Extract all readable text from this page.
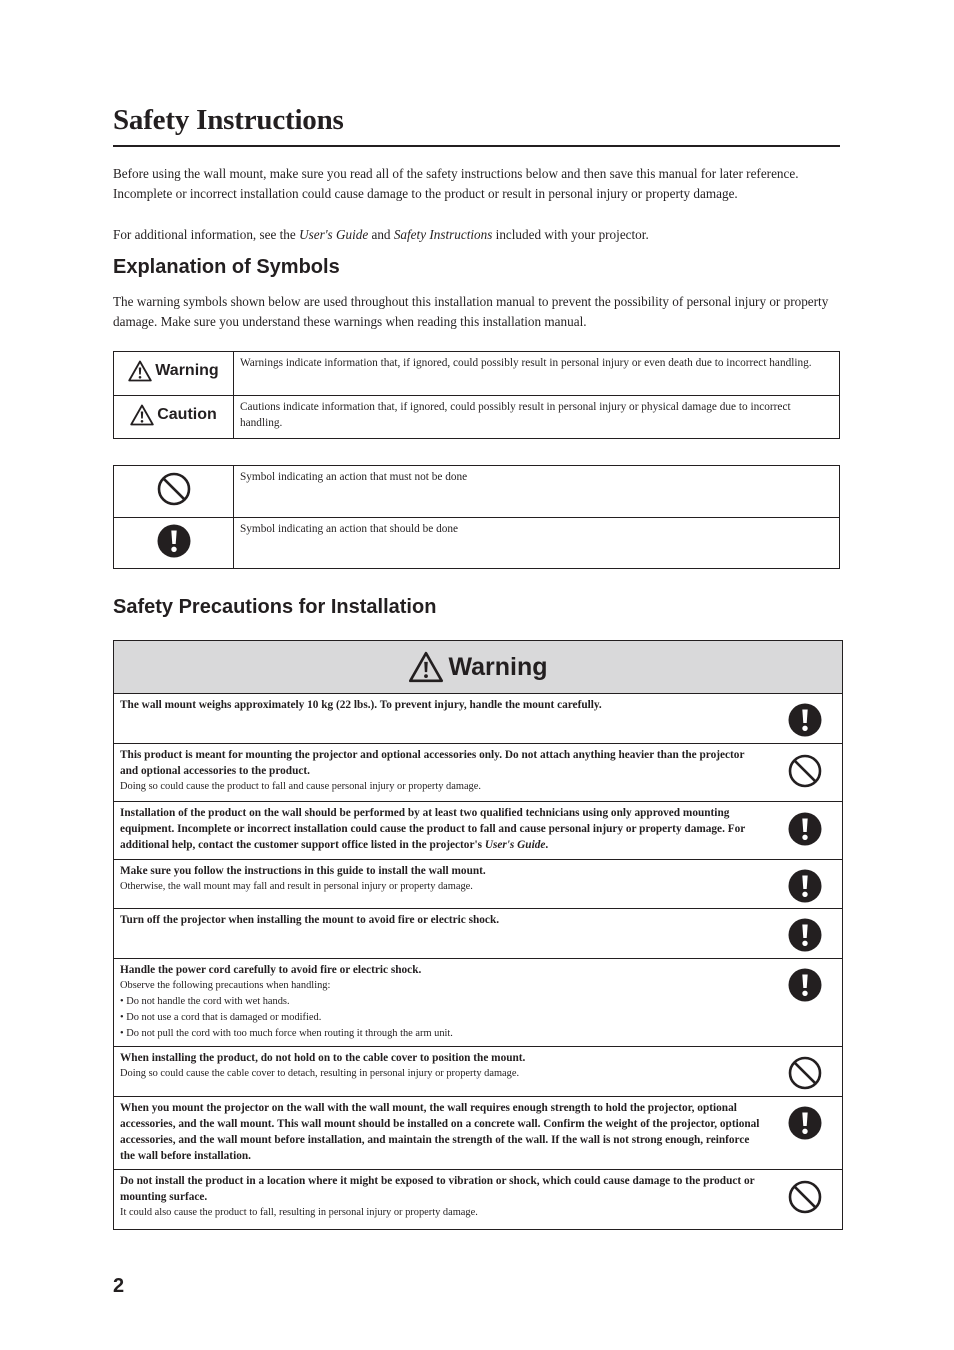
Safety Instructions

Before using the wall mount, make sure you read all of the safety instructions below and then save this manual for later reference. Incomplete or incorrect installation could cause damage to the product or result in personal injury or property damage.

For additional information, see the User's Guide and Safety Instructions included with your projector.

Explanation of Symbols

The warning symbols shown below are used throughout this installation manual to prevent the possibility of personal injury or property damage. Make sure you understand these warnings when reading this installation manual.

Warning	Warnings indicate information that, if ignored, could possibly result in personal injury or even death due to incorrect handling.

Caution	Cautions indicate information that, if ignored, could possibly result in personal injury or physical damage due to incorrect handling.
	Symbol indicating an action that must not be done
	Symbol indicating an action that should be done
Safety Precautions for Installation
Warning
The wall mount weighs approximately 10 kg (22 lbs.). To prevent injury, handle the mount carefully.
This product is meant for mounting the projector and optional accessories only. Do not attach anything heavier than the projector and optional accessories to the product.
Doing so could cause the product to fall and cause personal injury or property damage.
Installation of the product on the wall should be performed by at least two qualified technicians using only approved mounting equipment. Incomplete or incorrect installation could cause the product to fall and cause personal injury or property damage. For additional help, contact the customer support office listed in the projector's User's Guide.
Make sure you follow the instructions in this guide to install the wall mount.
Otherwise, the wall mount may fall and result in personal injury or property damage.
Turn off the projector when installing the mount to avoid fire or electric shock.
Handle the power cord carefully to avoid fire or electric shock.
Observe the following precautions when handling:
• Do not handle the cord with wet hands.
• Do not use a cord that is damaged or modified.
• Do not pull the cord with too much force when routing it through the arm unit.
When installing the product, do not hold on to the cable cover to position the mount.
Doing so could cause the cable cover to detach, resulting in personal injury or property damage.
When you mount the projector on the wall with the wall mount, the wall requires enough strength to hold the projector, optional accessories, and the wall mount. This wall mount should be installed on a concrete wall. Confirm the weight of the projector, optional accessories, and the wall mount before installation, and maintain the strength of the wall. If the wall is not strong enough, reinforce the wall before installation.
Do not install the product in a location where it might be exposed to vibration or shock, which could cause damage to the product or mounting surface.
It could also cause the product to fall, resulting in personal injury or property damage.
2
